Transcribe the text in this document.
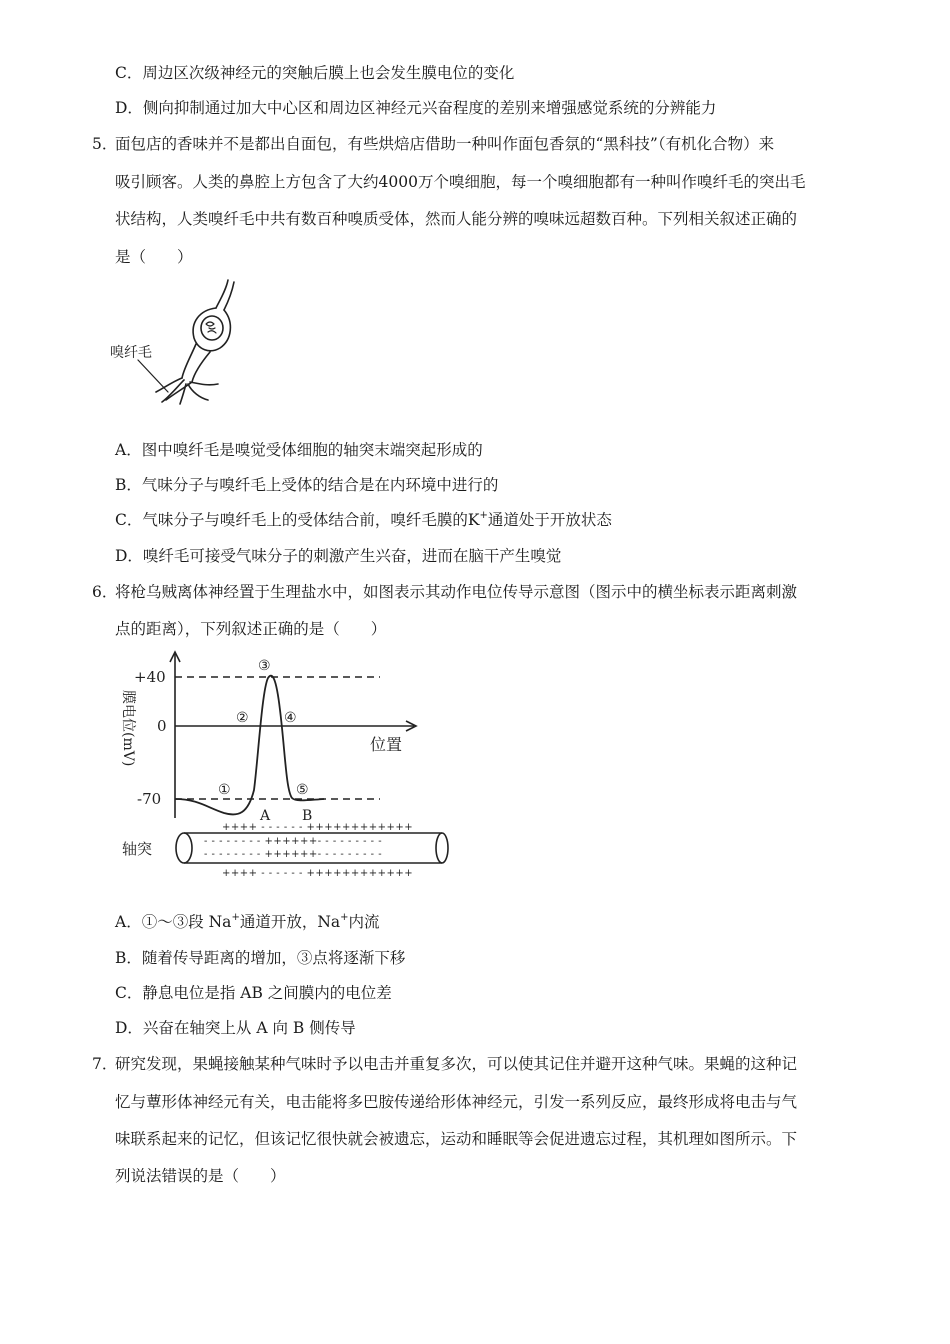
C．周边区次级神经元的突触后膜上也会发生膜电位的变化
D．侧向抑制通过加大中心区和周边区神经元兴奋程度的差别来增强感觉系统的分辨能力
5．
面包店的香味并不是都出自面包，有些烘焙店借助一种叫作面包香氛的“黑科技”（有机化合物）来
吸引顾客。人类的鼻腔上方包含了大约4000万个嗅细胞，每一个嗅细胞都有一种叫作嗅纤毛的突出毛
状结构，人类嗅纤毛中共有数百种嗅质受体，然而人能分辨的嗅味远超数百种。下列相关叙述正确的
是（　　）
嗅纤毛
A．图中嗅纤毛是嗅觉受体细胞的轴突末端突起形成的
B．气味分子与嗅纤毛上受体的结合是在内环境中进行的
C．气味分子与嗅纤毛上的受体结合前，嗅纤毛膜的K+通道处于开放状态
D．嗅纤毛可接受气味分子的刺激产生兴奋，进而在脑干产生嗅觉
6．
将枪乌贼离体神经置于生理盐水中，如图表示其动作电位传导示意图（图示中的横坐标表示距离刺激
点的距离），下列叙述正确的是（　　）
+40
0
-70
膜电位(mV)	位置
③
②	④
①	⑤
A B
轴突
++++ - - - - - - ++++++++++++
- - - - - - - - ++++++- - - - - - - - -
- - - - - - - - ++++++- - - - - - - - -
++++ - - - - - - ++++++++++++
A．①～③段 Na+通道开放，Na+内流
B．随着传导距离的增加，③点将逐渐下移
C．静息电位是指 AB 之间膜内的电位差
D．兴奋在轴突上从 A 向 B 侧传导
7．
研究发现，果蝇接触某种气味时予以电击并重复多次，可以使其记住并避开这种气味。果蝇的这种记
忆与蕈形体神经元有关，电击能将多巴胺传递给形体神经元，引发一系列反应，最终形成将电击与气
味联系起来的记忆，但该记忆很快就会被遗忘，运动和睡眠等会促进遗忘过程，其机理如图所示。下
列说法错误的是（　　）
